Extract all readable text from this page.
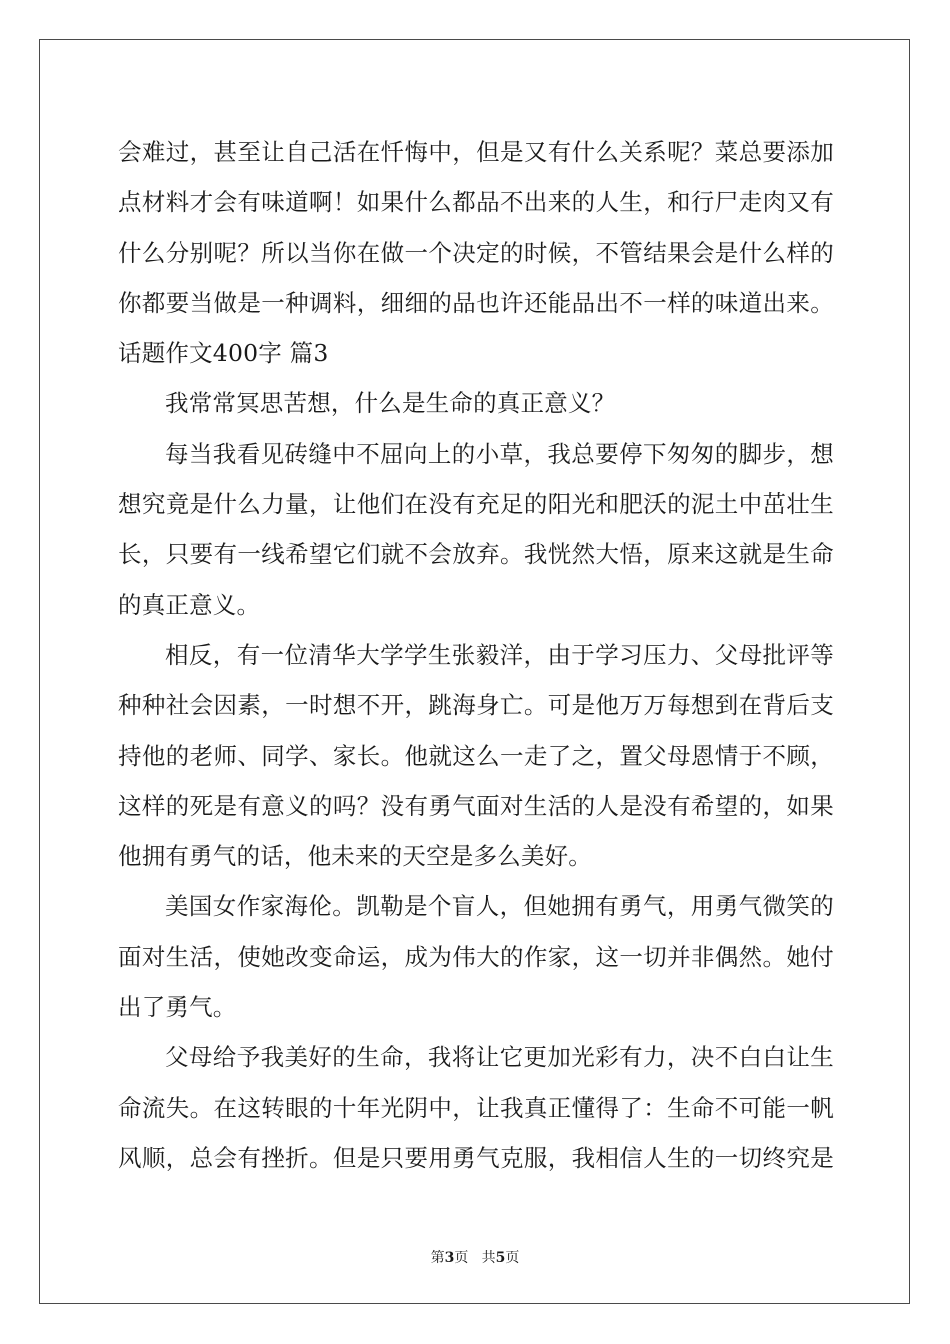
会难过，甚至让自己活在忏悔中，但是又有什么关系呢？菜总要添加
点材料才会有味道啊！如果什么都品不出来的人生，和行尸走肉又有
什么分别呢？所以当你在做一个决定的时候，不管结果会是什么样的
你都要当做是一种调料，细细的品也许还能品出不一样的味道出来。
话题作文400字 篇3
我常常冥思苦想，什么是生命的真正意义？
每当我看见砖缝中不屈向上的小草，我总要停下匆匆的脚步，想
想究竟是什么力量，让他们在没有充足的阳光和肥沃的泥土中茁壮生
长，只要有一线希望它们就不会放弃。我恍然大悟，原来这就是生命
的真正意义。
相反，有一位清华大学学生张毅洋，由于学习压力、父母批评等
种种社会因素，一时想不开，跳海身亡。可是他万万每想到在背后支
持他的老师、同学、家长。他就这么一走了之，置父母恩情于不顾，
这样的死是有意义的吗？没有勇气面对生活的人是没有希望的，如果
他拥有勇气的话，他未来的天空是多么美好。
美国女作家海伦。凯勒是个盲人，但她拥有勇气，用勇气微笑的
面对生活，使她改变命运，成为伟大的作家，这一切并非偶然。她付
出了勇气。
父母给予我美好的生命，我将让它更加光彩有力，决不白白让生
命流失。在这转眼的十年光阴中，让我真正懂得了：生命不可能一帆
风顺，总会有挫折。但是只要用勇气克服，我相信人生的一切终究是
第3页 共5页
